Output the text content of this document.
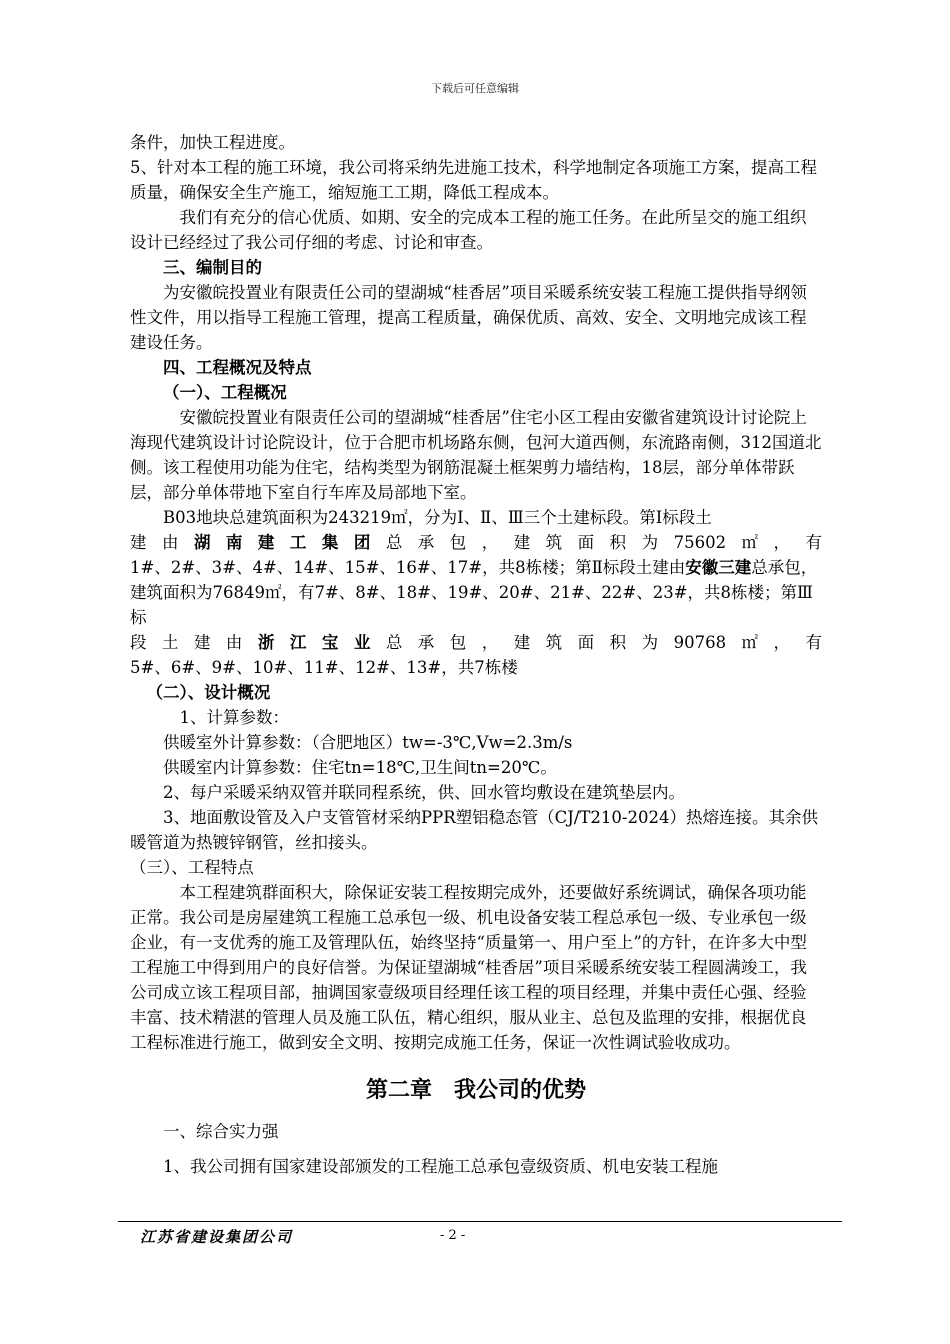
下载后可任意编辑

条件，加快工程进度。

5、针对本工程的施工环境，我公司将采纳先进施工技术，科学地制定各项施工方案，提高工程质量，确保安全生产施工，缩短施工工期，降低工程成本。

我们有充分的信心优质、如期、安全的完成本工程的施工任务。在此所呈交的施工组织设计已经经过了我公司仔细的考虑、讨论和审查。

三、编制目的

为安徽皖投置业有限责任公司的望湖城“桂香居”项目采暖系统安装工程施工提供指导纲领性文件，用以指导工程施工管理，提高工程质量，确保优质、高效、安全、文明地完成该工程建设任务。

四、工程概况及特点

（一）、工程概况

安徽皖投置业有限责任公司的望湖城“桂香居”住宅小区工程由安徽省建筑设计讨论院上海现代建筑设计讨论院设计，位于合肥市机场路东侧，包河大道西侧，东流路南侧，312国道北侧。该工程使用功能为住宅，结构类型为钢筋混凝土框架剪力墙结构，18层，部分单体带跃层，部分单体带地下室自行车库及局部地下室。

B03地块总建筑面积为243219㎡，分为Ⅰ、Ⅱ、Ⅲ三个土建标段。第Ⅰ标段土

建由湖南建工集团总承包，建筑面积为75602㎡，有

1#、2#、3#、4#、14#、15#、16#、17#，共8栋楼；第Ⅱ标段土建由安徽三建总承包，

建筑面积为76849㎡，有7#、8#、18#、19#、20#、21#、22#、23#，共8栋楼；第Ⅲ标

段土建由浙江宝业总承包，建筑面积为90768㎡，有

5#、6#、9#、10#、11#、12#、13#，共7栋楼

（二）、设计概况

1、计算参数：

供暖室外计算参数：（合肥地区）tw=-3℃,Vw=2.3m/s

供暖室内计算参数：住宅tn=18℃,卫生间tn=20℃。

2、每户采暖采纳双管并联同程系统，供、回水管均敷设在建筑垫层内。

3、地面敷设管及入户支管管材采纳PPR塑铝稳态管（CJ/T210-2024）热熔连接。其余供暖管道为热镀锌钢管，丝扣接头。

（三）、工程特点

本工程建筑群面积大，除保证安装工程按期完成外，还要做好系统调试，确保各项功能正常。我公司是房屋建筑工程施工总承包一级、机电设备安装工程总承包一级、专业承包一级企业，有一支优秀的施工及管理队伍，始终坚持“质量第一、用户至上”的方针，在许多大中型工程施工中得到用户的良好信誉。为保证望湖城“桂香居”项目采暖系统安装工程圆满竣工，我公司成立该工程项目部，抽调国家壹级项目经理任该工程的项目经理，并集中责任心强、经验丰富、技术精湛的管理人员及施工队伍，精心组织，服从业主、总包及监理的安排，根据优良工程标准进行施工，做到安全文明、按期完成施工任务，保证一次性调试验收成功。

第二章　我公司的优势

一、综合实力强

1、我公司拥有国家建设部颁发的工程施工总承包壹级资质、机电安装工程施

江苏省建设集团公司	- 2 -
